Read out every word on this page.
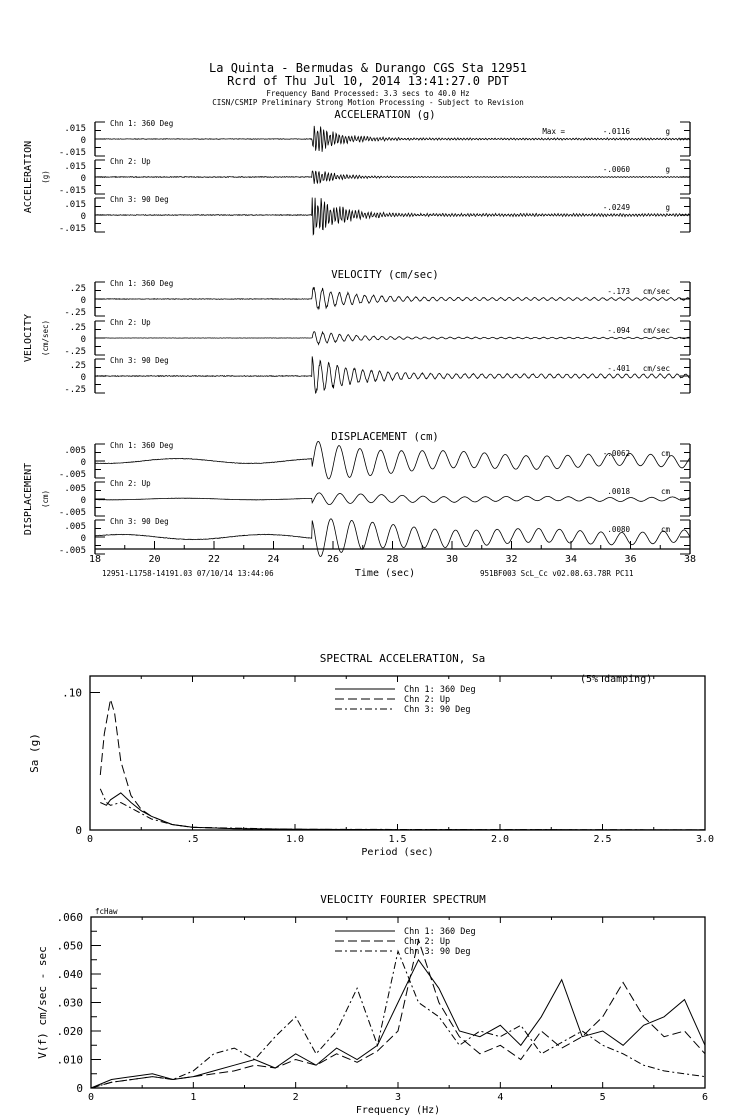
La Quinta - Bermudas & Durango CGS Sta 12951
Rcrd of Thu Jul 10, 2014 13:41:27.0 PDT
Frequency Band Processed: 3.3 secs to 40.0 Hz
CISN/CSMIP Preliminary Strong Motion Processing - Subject to Revision
ACCELERATION (g)
ACCELERATION (g)
.015
0
-.015
Chn 1: 360 Deg
Max =	-.0116	g
.015
0
-.015
Chn 2: Up
-.0060	g
.015
0
-.015
Chn 3: 90 Deg
-.0249	g
VELOCITY (cm/sec)
VELOCITY (cm/sec)
.25
0
-.25
Chn 1: 360 Deg
-.173 cm/sec
.25
0
-.25
Chn 2: Up
-.094 cm/sec
.25
0
-.25
Chn 3: 90 Deg
-.401 cm/sec
DISPLACEMENT (cm)
DISPLACEMENT (cm)
.005
0
-.005
Chn 1: 360 Deg
-.0062	cm
.005
0
-.005
Chn 2: Up
.0018	cm
.005
0
-.005
Chn 3: 90 Deg
.0080	cm
18	20	22	24	26	28	30	32	34	36	38
12951-L1758-14191.03 07/10/14 13:44:06	Time (sec)	951BF003 ScL_Cc v02.08.63.78R PC11
SPECTRAL ACCELERATION, Sa
0	.5	1.0	1.5	2.0	2.5	3.0
.10
0
Period (sec)
Sa (g)
Chn 1: 360 Deg
Chn 2: Up
Chn 3: 90 Deg
(5% damping)
VELOCITY FOURIER SPECTRUM
0	1	2	3	4	5	6
.060
.050
.040
.030
.020
.010
0
Frequency (Hz)
V(f) cm/sec - sec
Chn 1: 360 Deg
Chn 2: Up
Chn 3: 90 Deg
fcHaw
